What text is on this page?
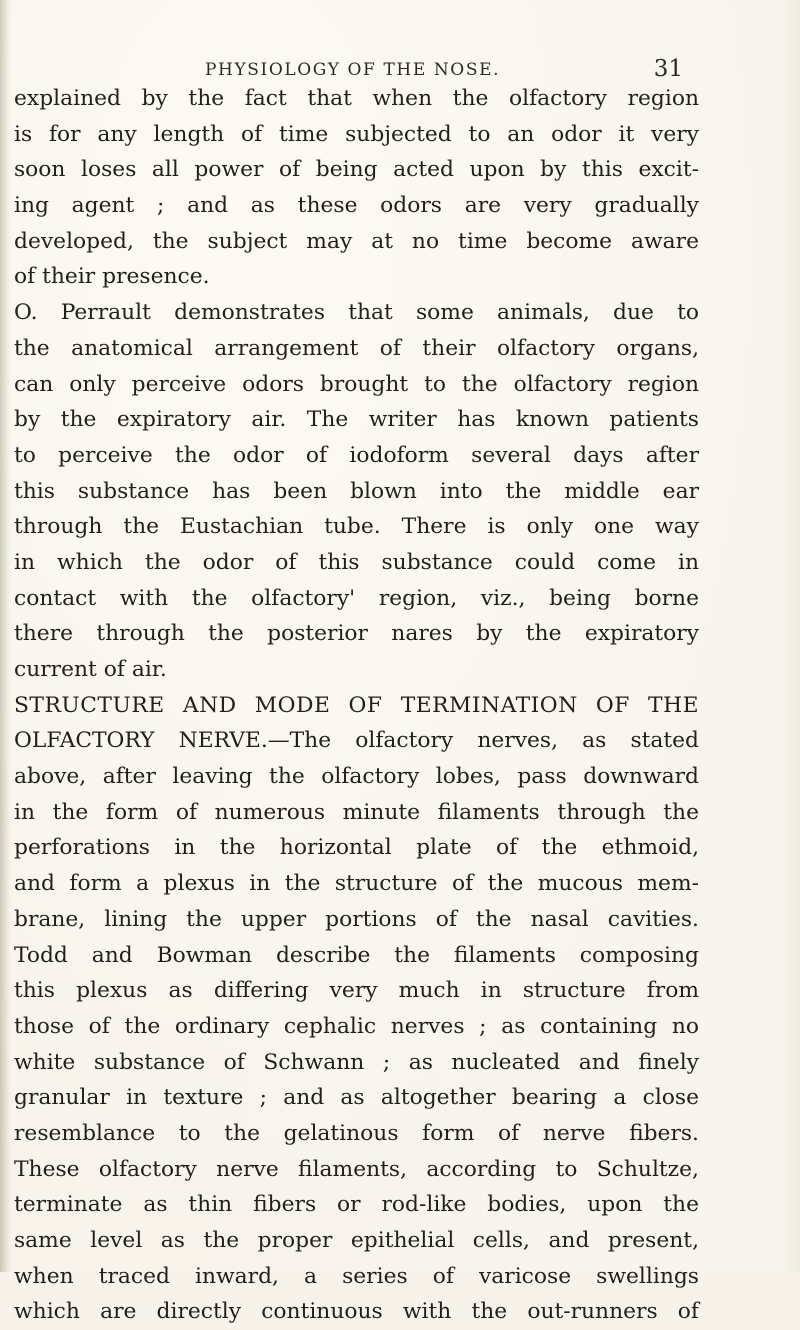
PHYSIOLOGY OF THE NOSE.	31
explained by the fact that when the olfactory region
is for any length of time subjected to an odor it very
soon loses all power of being acted upon by this excit-
ing agent ; and as these odors are very gradually
developed, the subject may at no time become aware
of their presence.
O. Perrault demonstrates that some animals, due to
the anatomical arrangement of their olfactory organs,
can only perceive odors brought to the olfactory region
by the expiratory air. The writer has known patients
to perceive the odor of iodoform several days after
this substance has been blown into the middle ear
through the Eustachian tube. There is only one way
in which the odor of this substance could come in
contact with the olfactory' region, viz., being borne
there through the posterior nares by the expiratory
current of air.
STRUCTURE AND MODE OF TERMINATION OF THE
OLFACTORY NERVE.—The olfactory nerves, as stated
above, after leaving the olfactory lobes, pass downward
in the form of numerous minute filaments through the
perforations in the horizontal plate of the ethmoid,
and form a plexus in the structure of the mucous mem-
brane, lining the upper portions of the nasal cavities.
Todd and Bowman describe the filaments composing
this plexus as differing very much in structure from
those of the ordinary cephalic nerves ; as containing no
white substance of Schwann ; as nucleated and finely
granular in texture ; and as altogether bearing a close
resemblance to the gelatinous form of nerve fibers.
These olfactory nerve filaments, according to Schultze,
terminate as thin fibers or rod-like bodies, upon the
same level as the proper epithelial cells, and present,
when traced inward, a series of varicose swellings
which are directly continuous with the out-runners of
